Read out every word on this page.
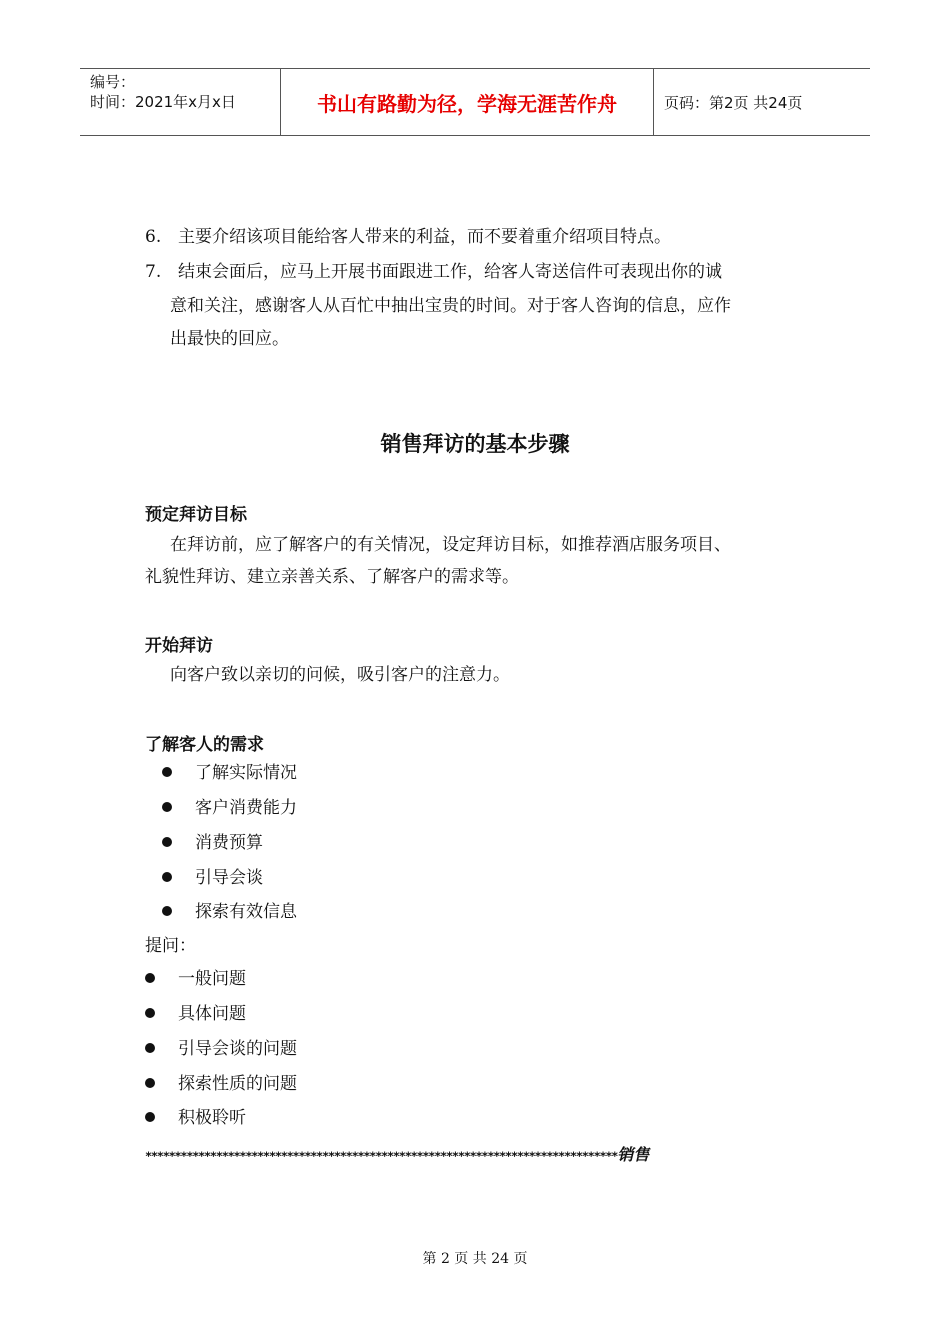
编号：
时间：2021年x月x日	书山有路勤为径，学海无涯苦作舟	页码：第2页 共24页
6. 主要介绍该项目能给客人带来的利益，而不要着重介绍项目特点。
7. 结束会面后，应马上开展书面跟进工作，给客人寄送信件可表现出你的诚
意和关注，感谢客人从百忙中抽出宝贵的时间。对于客人咨询的信息，应作
出最快的回应。
销售拜访的基本步骤
预定拜访目标
在拜访前，应了解客户的有关情况，设定拜访目标，如推荐酒店服务项目、
礼貌性拜访、建立亲善关系、了解客户的需求等。
开始拜访
向客户致以亲切的问候，吸引客户的注意力。
了解客人的需求
了解实际情况
客户消费能力
消费预算
引导会谈
探索有效信息
提问：
一般问题
具体问题
引导会谈的问题
探索性质的问题
积极聆听
********************************************************************************销售
第 2 页 共 24 页
